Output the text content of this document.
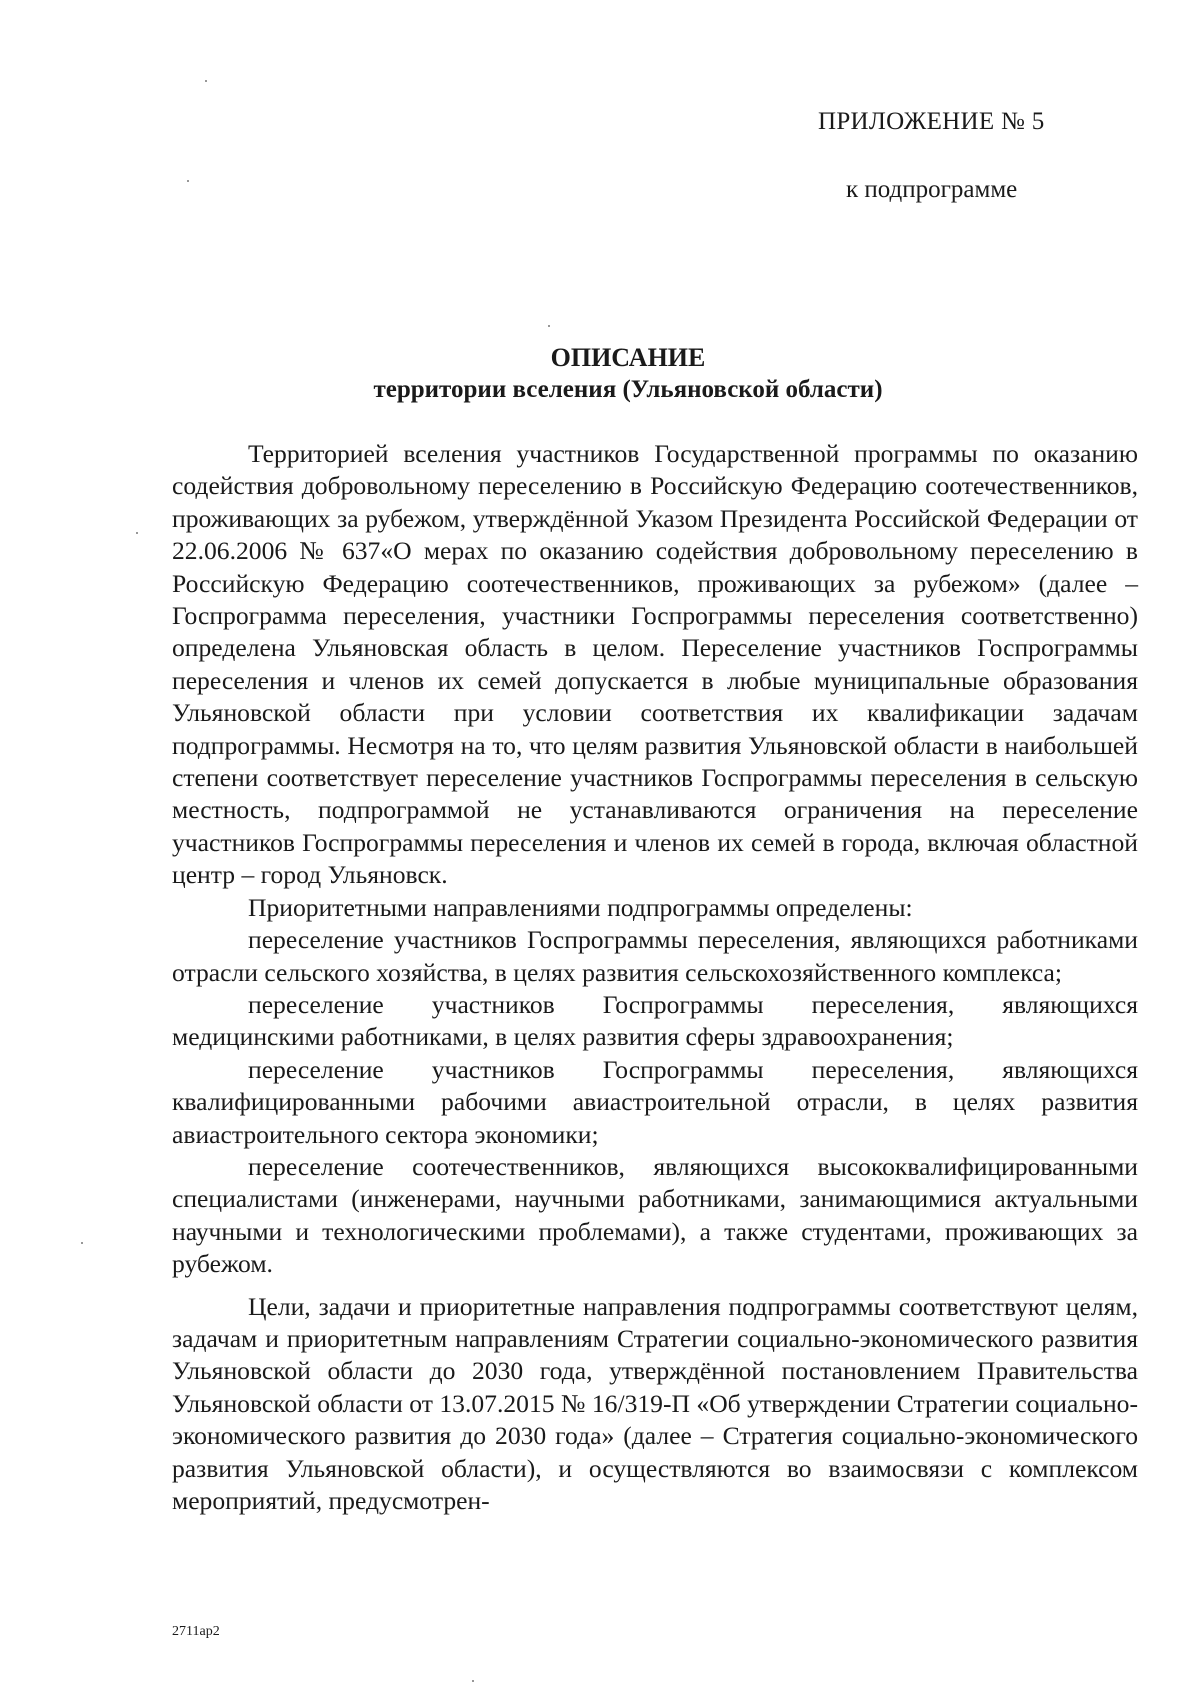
ПРИЛОЖЕНИЕ № 5
к подпрограмме
ОПИСАНИЕ
территории вселения (Ульяновской области)

Территорией вселения участников Государственной программы по оказанию содействия добровольному переселению в Российскую Федерацию соотечественников, проживающих за рубежом, утверждённой Указом Президента Российской Федерации от 22.06.2006 № 637«О мерах по оказанию содействия добровольному переселению в Российскую Федерацию соотечественников, проживающих за рубежом» (далее – Госпрограмма переселения, участники Госпрограммы переселения соответственно) определена Ульяновская область в целом. Переселение участников Госпрограммы переселения и членов их семей допускается в любые муниципальные образования Ульяновской области при условии соответствия их квалификации задачам подпрограммы. Несмотря на то, что целям развития Ульяновской области в наибольшей степени соответствует переселение участников Госпрограммы переселения в сельскую местность, подпрограммой не устанавливаются ограничения на переселение участников Госпрограммы переселения и членов их семей в города, включая областной центр – город Ульяновск.

Приоритетными направлениями подпрограммы определены:

переселение участников Госпрограммы переселения, являющихся работниками отрасли сельского хозяйства, в целях развития сельскохозяйственного комплекса;

переселение участников Госпрограммы переселения, являющихся медицинскими работниками, в целях развития сферы здравоохранения;

переселение участников Госпрограммы переселения, являющихся квалифицированными рабочими авиастроительной отрасли, в целях развития авиастроительного сектора экономики;

переселение соотечественников, являющихся высококвалифицированными специалистами (инженерами, научными работниками, занимающимися актуальными научными и технологическими проблемами), а также студентами, проживающих за рубежом.

Цели, задачи и приоритетные направления подпрограммы соответствуют целям, задачам и приоритетным направлениям Стратегии социально-экономического развития Ульяновской области до 2030 года, утверждённой постановлением Правительства Ульяновской области от 13.07.2015 № 16/319-П «Об утверждении Стратегии социально-экономического развития до 2030 года» (далее – Стратегия социально-экономического развития Ульяновской области), и осуществляются во взаимосвязи с комплексом мероприятий, предусмотрен-

2711ap2
